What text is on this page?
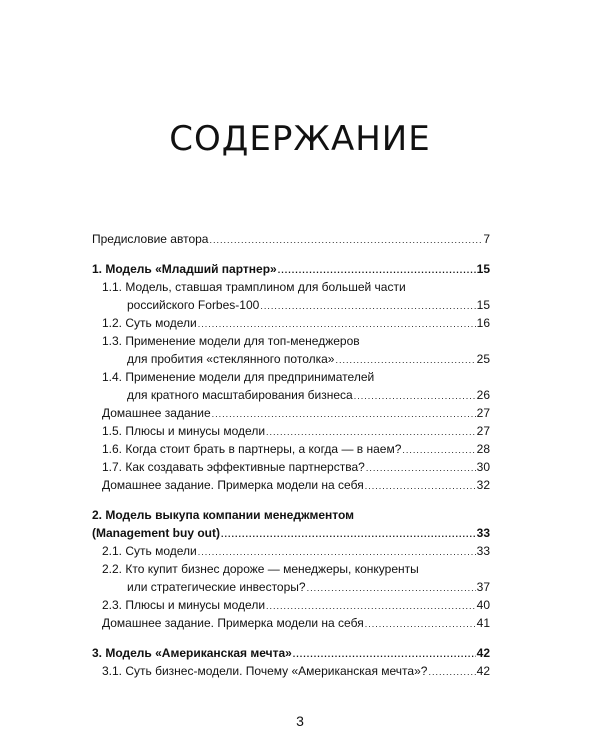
СОДЕРЖАНИЕ
Предисловие автора .....	7
1. Модель «Младший партнер» .....	15
1.1. Модель, ставшая трамплином для большей части
российского Forbes-100 .....	15
1.2. Суть модели .....	16
1.3. Применение модели для топ-менеджеров
для пробития «стеклянного потолка» .....	25
1.4. Применение модели для предпринимателей
для кратного масштабирования бизнеса .....	26
Домашнее задание .....	27
1.5. Плюсы и минусы модели .....	27
1.6. Когда стоит брать в партнеры, а когда — в наем? .....	28
1.7. Как создавать эффективные партнерства? .....	30
Домашнее задание. Примерка модели на себя .....	32
2. Модель выкупа компании менеджментом
(Management buy out) .....	33
2.1. Суть модели .....	33
2.2. Кто купит бизнес дороже — менеджеры, конкуренты
или стратегические инвесторы? .....	37
2.3. Плюсы и минусы модели .....	40
Домашнее задание. Примерка модели на себя .....	41
3. Модель «Американская мечта» .....	42
3.1. Суть бизнес-модели. Почему «Американская мечта»? .....	42
3
